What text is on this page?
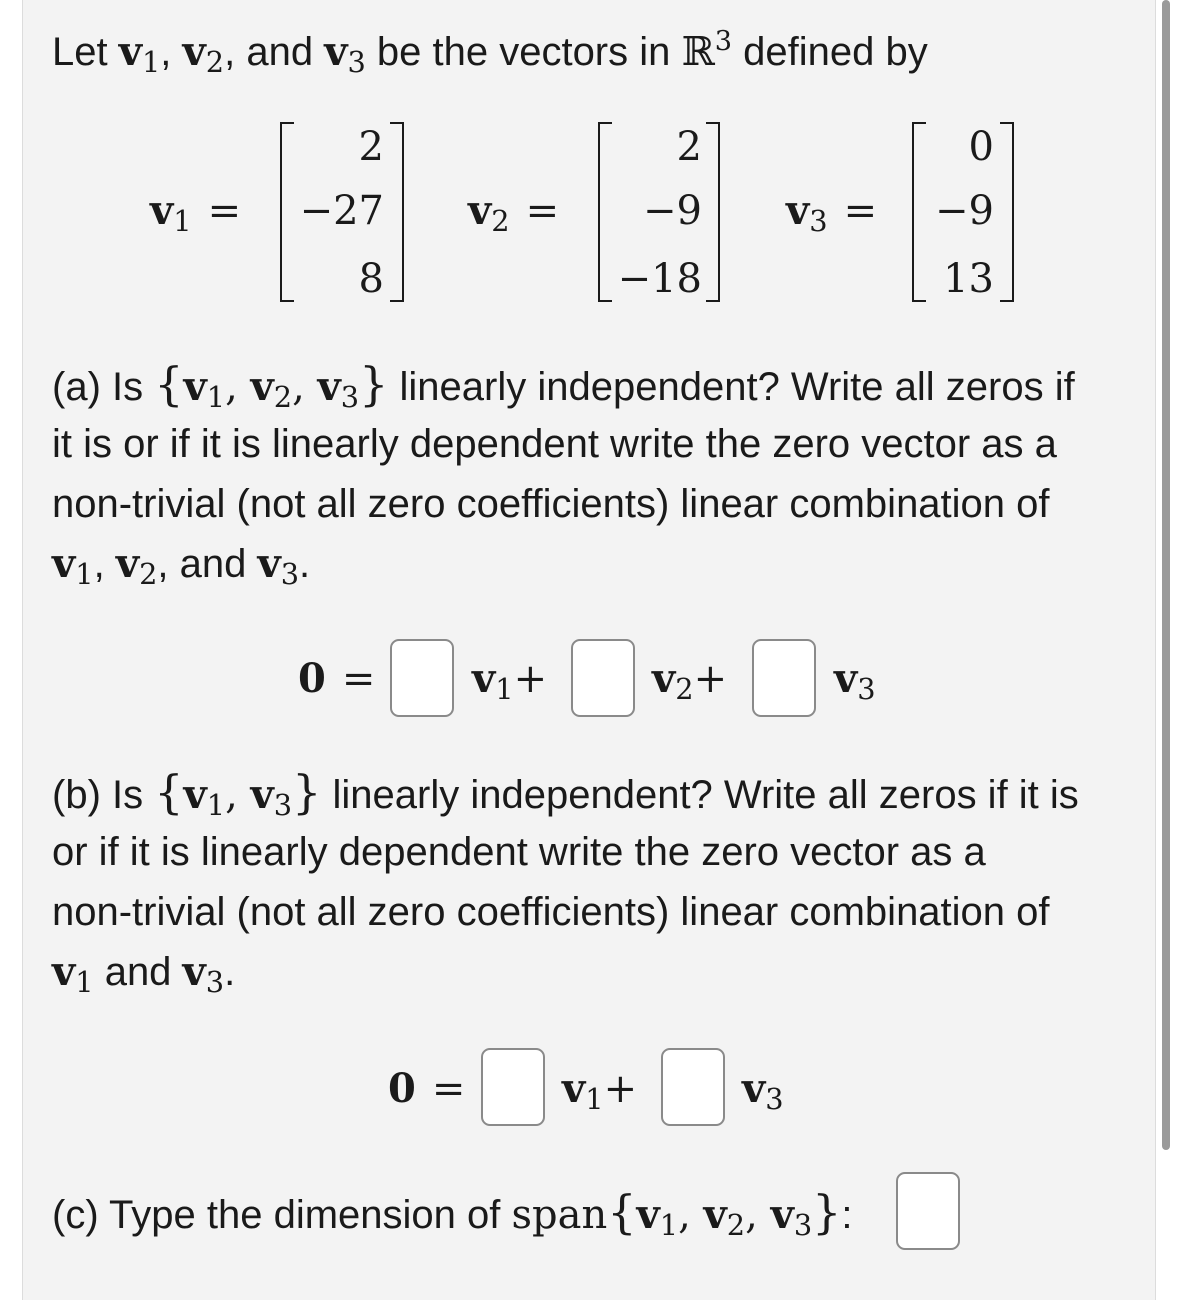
Let $v_1$, $v_2$, and $v_3$ be the vectors in ℝ$^3$ defined by
$v_1$ =
2
−27
8
$v_2$ =
2
−9
−18
$v_3$ =
0
−9
13
(a) Is {$v_1$, $v_2$, $v_3$} linearly independent? Write all zeros if
it is or if it is linearly dependent write the zero vector as a
non-trivial (not all zero coefficients) linear combination of
$v_1$, $v_2$, and $v_3$.
$0 = v_1+$	$v_2+$	$v_3$
(b) Is {$v_1$, $v_3$} linearly independent? Write all zeros if it is
or if it is linearly dependent write the zero vector as a
non-trivial (not all zero coefficients) linear combination of
$v_1$ and $v_3$.
$0 = v_1+$	$v_3$
(c) Type the dimension of $span\{v_1$, $v_2$, $v_3$}:
